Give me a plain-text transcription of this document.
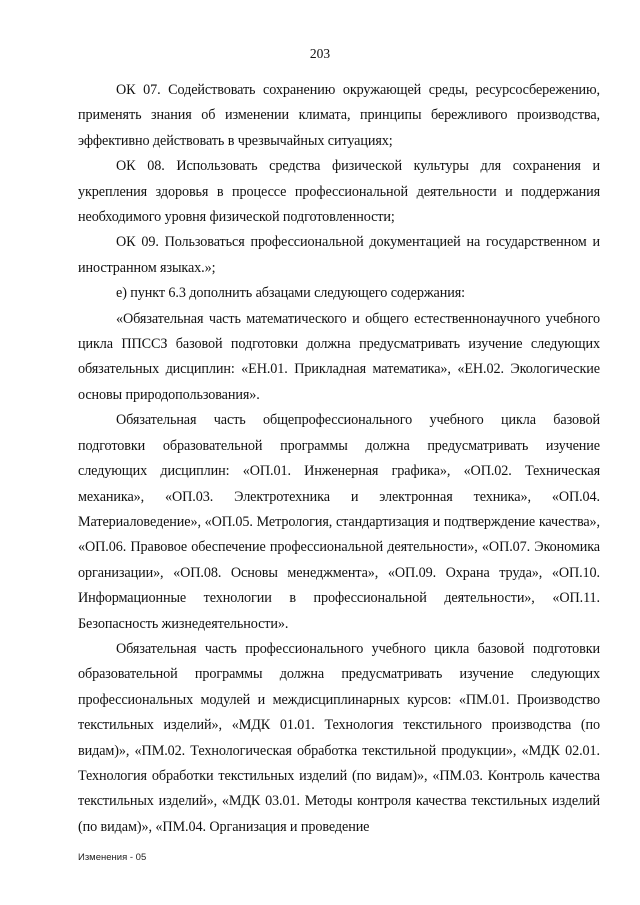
203

ОК 07. Содействовать сохранению окружающей среды, ресурсосбережению, применять знания об изменении климата, принципы бережливого производства, эффективно действовать в чрезвычайных ситуациях;

ОК 08. Использовать средства физической культуры для сохранения и укрепления здоровья в процессе профессиональной деятельности и поддержания необходимого уровня физической подготовленности;

ОК 09. Пользоваться профессиональной документацией на государственном и иностранном языках.»;

е) пункт 6.3 дополнить абзацами следующего содержания:

«Обязательная часть математического и общего естественнонаучного учебного цикла ППССЗ базовой подготовки должна предусматривать изучение следующих обязательных дисциплин: «ЕН.01. Прикладная математика», «ЕН.02. Экологические основы природопользования».

Обязательная часть общепрофессионального учебного цикла базовой подготовки образовательной программы должна предусматривать изучение следующих дисциплин: «ОП.01. Инженерная графика», «ОП.02. Техническая механика», «ОП.03. Электротехника и электронная техника», «ОП.04. Материаловедение», «ОП.05. Метрология, стандартизация и подтверждение качества», «ОП.06. Правовое обеспечение профессиональной деятельности», «ОП.07. Экономика организации», «ОП.08. Основы менеджмента», «ОП.09. Охрана труда», «ОП.10. Информационные технологии в профессиональной деятельности», «ОП.11. Безопасность жизнедеятельности».

Обязательная часть профессионального учебного цикла базовой подготовки образовательной программы должна предусматривать изучение следующих профессиональных модулей и междисциплинарных курсов: «ПМ.01. Производство текстильных изделий», «МДК 01.01. Технология текстильного производства (по видам)», «ПМ.02. Технологическая обработка текстильной продукции», «МДК 02.01. Технология обработки текстильных изделий (по видам)», «ПМ.03. Контроль качества текстильных изделий», «МДК 03.01. Методы контроля качества текстильных изделий (по видам)», «ПМ.04. Организация и проведение

Изменения - 05
